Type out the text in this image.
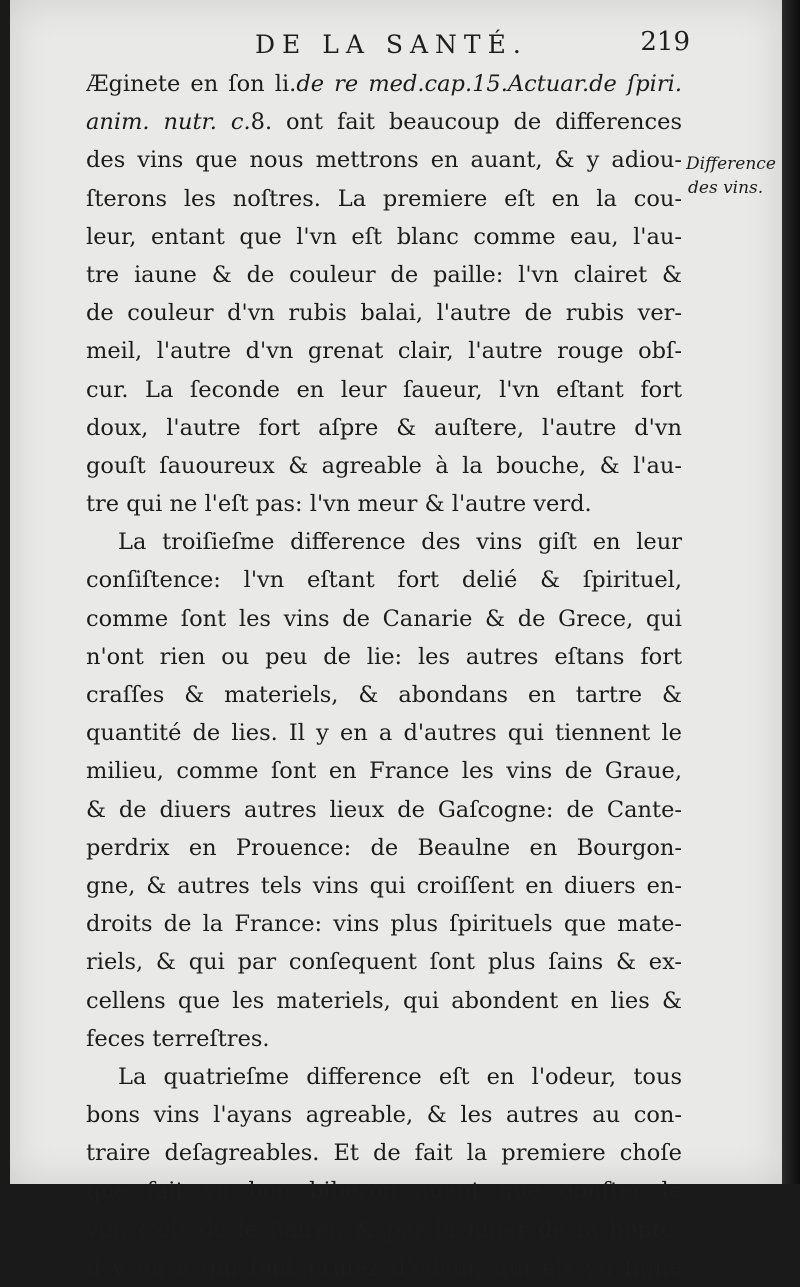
DE LA SANTÉ.	219
Æginete en ſon li.de re med.cap.15.Actuar.de ſpiri.
anim. nutr. c.8. ont fait beaucoup de differences
des vins que nous mettrons en auant, & y adiou-
ſterons les noſtres. La premiere eſt en la cou-
leur, entant que l'vn eſt blanc comme eau, l'au-
tre iaune & de couleur de paille: l'vn clairet &
de couleur d'vn rubis balai, l'autre de rubis ver-
meil, l'autre d'vn grenat clair, l'autre rouge obſ-
cur. La ſeconde en leur ſaueur, l'vn eſtant fort
doux, l'autre fort aſpre & auſtere, l'autre d'vn
gouſt ſauoureux & agreable à la bouche, & l'au-
tre qui ne l'eſt pas: l'vn meur & l'autre verd.
La troiſieſme difference des vins giſt en leur
conſiſtence: l'vn eſtant fort delié & ſpirituel,
comme ſont les vins de Canarie & de Grece, qui
n'ont rien ou peu de lie: les autres eſtans fort
craſſes & materiels, & abondans en tartre &
quantité de lies. Il y en a d'autres qui tiennent le
milieu, comme ſont en France les vins de Graue,
& de diuers autres lieux de Gaſcogne: de Cante-
perdrix en Prouence: de Beaulne en Bourgon-
gne, & autres tels vins qui croiſſent en diuers en-
droits de la France: vins plus ſpirituels que mate-
riels, & qui par conſequent ſont plus ſains & ex-
cellens que les materiels, qui abondent en lies &
feces terreſtres.
La quatrieſme difference eſt en l'odeur, tous
bons vins l'ayans agreable, & les autres au con-
traire deſagreables. Et de fait la premiere choſe
que fait vn bon biberon auant que gouſter le
vin, c'eſt de le flairer, & par là iuger de ſa bonté:
il y en a qui ſont priuez d'odeur, qui eſt vn ſigne
Difference
des vins.
